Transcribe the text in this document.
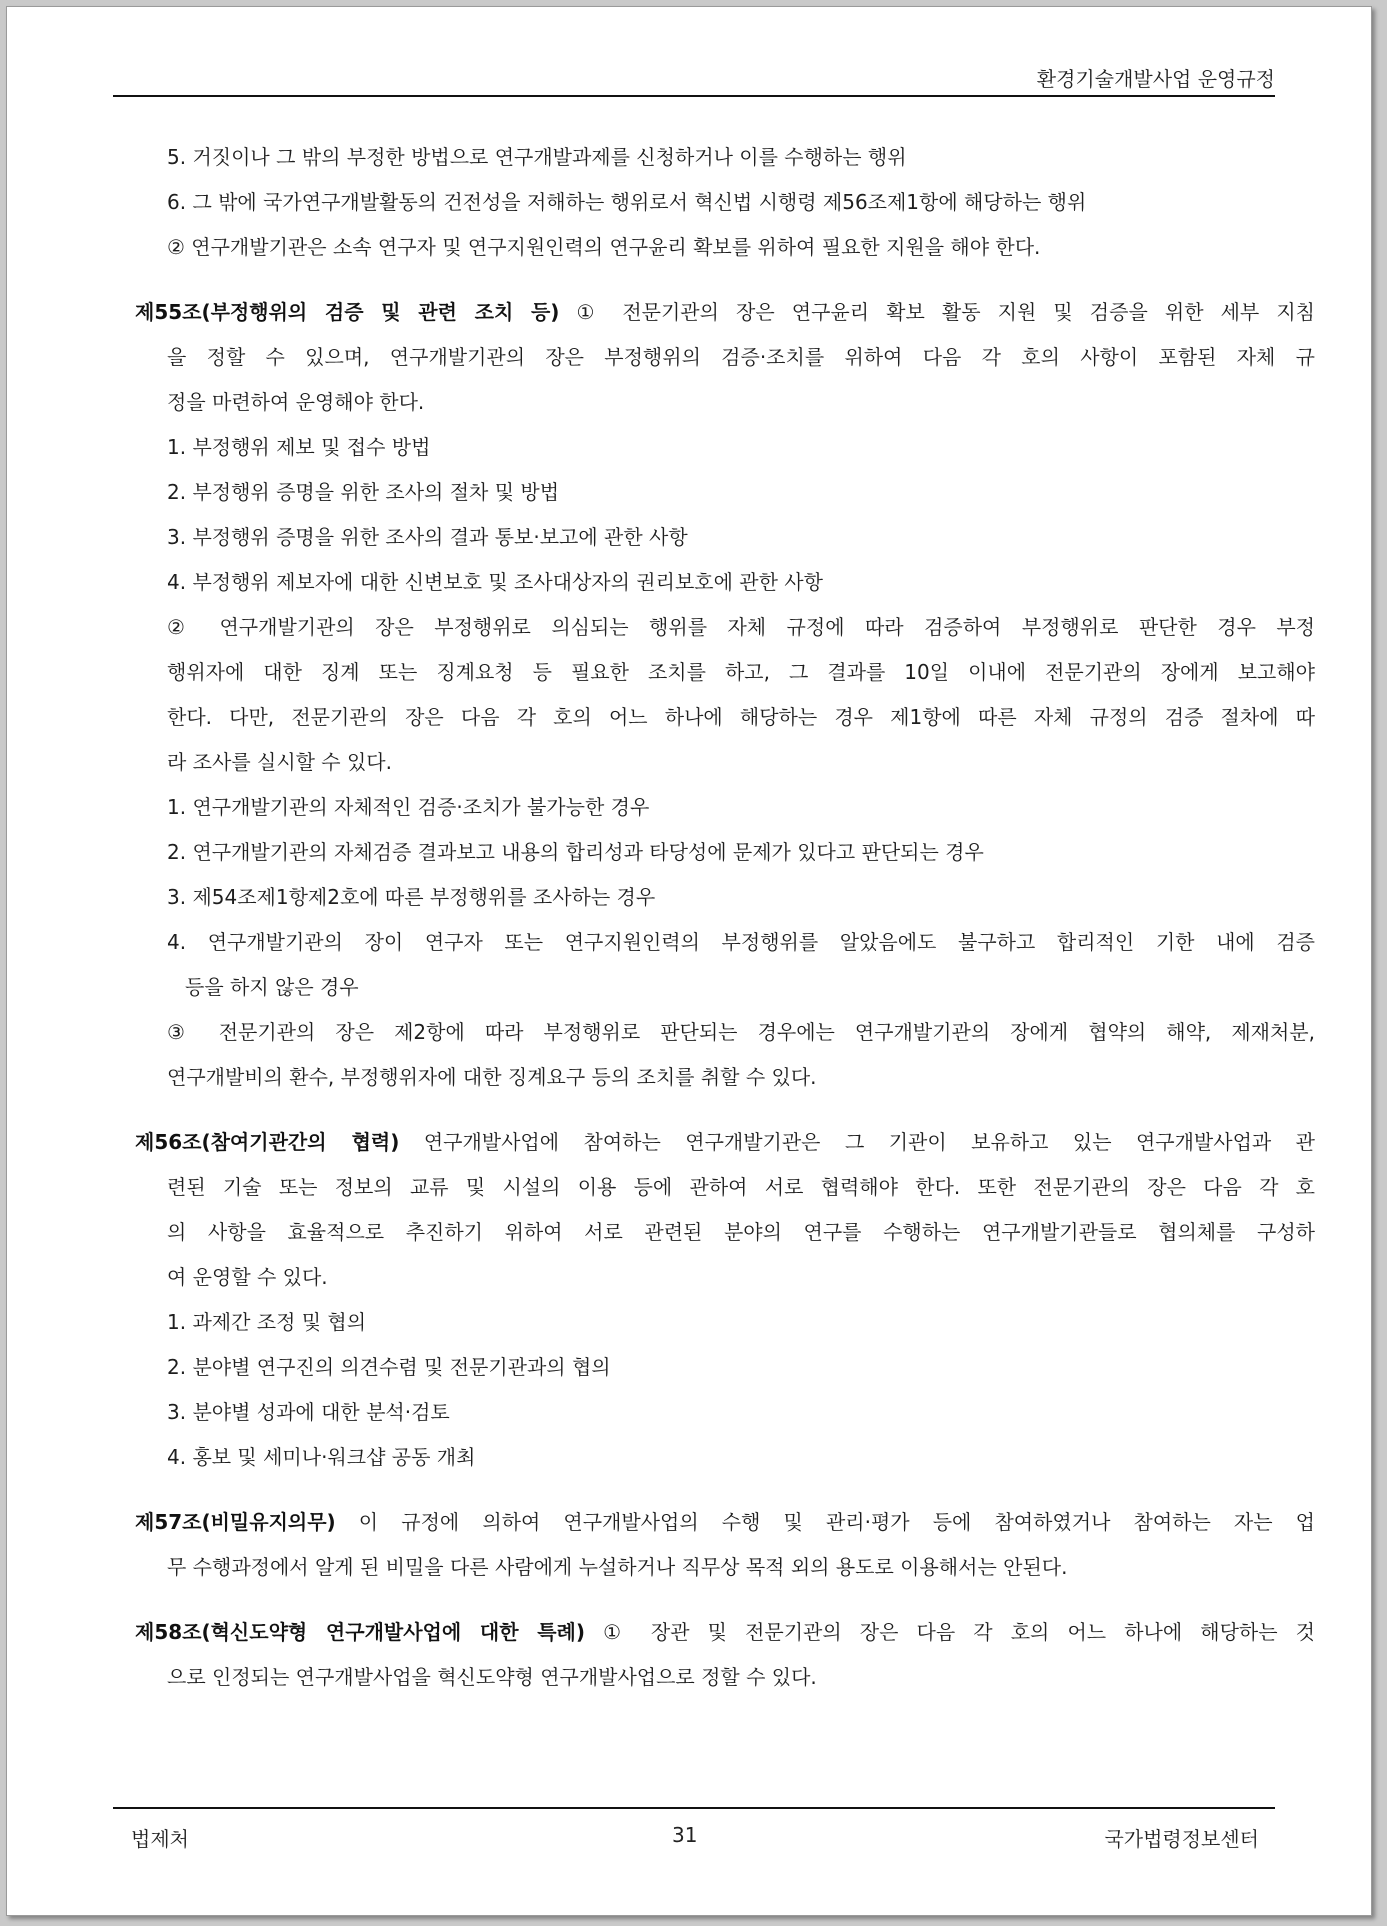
환경기술개발사업 운영규정
5. 거짓이나 그 밖의 부정한 방법으로 연구개발과제를 신청하거나 이를 수행하는 행위
6. 그 밖에 국가연구개발활동의 건전성을 저해하는 행위로서 혁신법 시행령 제56조제1항에 해당하는 행위
② 연구개발기관은 소속 연구자 및 연구지원인력의 연구윤리 확보를 위하여 필요한 지원을 해야 한다.
제55조(부정행위의 검증 및 관련 조치 등) ① 전문기관의 장은 연구윤리 확보 활동 지원 및 검증을 위한 세부 지침
을 정할 수 있으며, 연구개발기관의 장은 부정행위의 검증·조치를 위하여 다음 각 호의 사항이 포함된 자체 규
정을 마련하여 운영해야 한다.
1. 부정행위 제보 및 접수 방법
2. 부정행위 증명을 위한 조사의 절차 및 방법
3. 부정행위 증명을 위한 조사의 결과 통보·보고에 관한 사항
4. 부정행위 제보자에 대한 신변보호 및 조사대상자의 권리보호에 관한 사항
② 연구개발기관의 장은 부정행위로 의심되는 행위를 자체 규정에 따라 검증하여 부정행위로 판단한 경우 부정
행위자에 대한 징계 또는 징계요청 등 필요한 조치를 하고, 그 결과를 10일 이내에 전문기관의 장에게 보고해야
한다. 다만, 전문기관의 장은 다음 각 호의 어느 하나에 해당하는 경우 제1항에 따른 자체 규정의 검증 절차에 따
라 조사를 실시할 수 있다.
1. 연구개발기관의 자체적인 검증·조치가 불가능한 경우
2. 연구개발기관의 자체검증 결과보고 내용의 합리성과 타당성에 문제가 있다고 판단되는 경우
3. 제54조제1항제2호에 따른 부정행위를 조사하는 경우
4. 연구개발기관의 장이 연구자 또는 연구지원인력의 부정행위를 알았음에도 불구하고 합리적인 기한 내에 검증
등을 하지 않은 경우
③ 전문기관의 장은 제2항에 따라 부정행위로 판단되는 경우에는 연구개발기관의 장에게 협약의 해약, 제재처분,
연구개발비의 환수, 부정행위자에 대한 징계요구 등의 조치를 취할 수 있다.
제56조(참여기관간의 협력) 연구개발사업에 참여하는 연구개발기관은 그 기관이 보유하고 있는 연구개발사업과 관
련된 기술 또는 정보의 교류 및 시설의 이용 등에 관하여 서로 협력해야 한다. 또한 전문기관의 장은 다음 각 호
의 사항을 효율적으로 추진하기 위하여 서로 관련된 분야의 연구를 수행하는 연구개발기관들로 협의체를 구성하
여 운영할 수 있다.
1. 과제간 조정 및 협의
2. 분야별 연구진의 의견수렴 및 전문기관과의 협의
3. 분야별 성과에 대한 분석·검토
4. 홍보 및 세미나·워크샵 공동 개최
제57조(비밀유지의무) 이 규정에 의하여 연구개발사업의 수행 및 관리·평가 등에 참여하였거나 참여하는 자는 업
무 수행과정에서 알게 된 비밀을 다른 사람에게 누설하거나 직무상 목적 외의 용도로 이용해서는 안된다.
제58조(혁신도약형 연구개발사업에 대한 특례) ① 장관 및 전문기관의 장은 다음 각 호의 어느 하나에 해당하는 것
으로 인정되는 연구개발사업을 혁신도약형 연구개발사업으로 정할 수 있다.
법제처	31	국가법령정보센터
